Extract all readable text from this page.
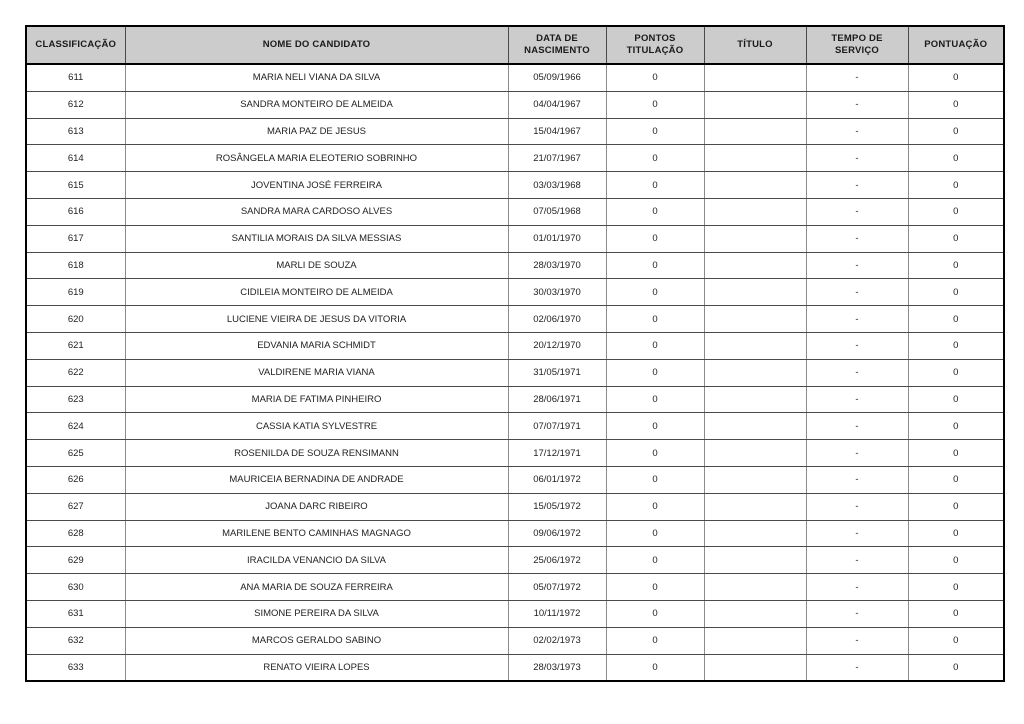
CLASSIFICAÇÃO	NOME DO CANDIDATO	DATA DE NASCIMENTO	PONTOS TITULAÇÃO	TÍTULO	TEMPO DE SERVIÇO	PONTUAÇÃO
611	MARIA NELI VIANA DA SILVA	05/09/1966	0		-	0
612	SANDRA MONTEIRO DE ALMEIDA	04/04/1967	0		-	0
613	MARIA PAZ DE JESUS	15/04/1967	0		-	0
614	ROSÂNGELA MARIA ELEOTERIO SOBRINHO	21/07/1967	0		-	0
615	JOVENTINA JOSÉ FERREIRA	03/03/1968	0		-	0
616	SANDRA MARA CARDOSO ALVES	07/05/1968	0		-	0
617	SANTILIA MORAIS DA SILVA MESSIAS	01/01/1970	0		-	0
618	MARLI DE SOUZA	28/03/1970	0		-	0
619	CIDILEIA MONTEIRO DE ALMEIDA	30/03/1970	0		-	0
620	LUCIENE VIEIRA DE JESUS DA VITORIA	02/06/1970	0		-	0
621	EDVANIA MARIA SCHMIDT	20/12/1970	0		-	0
622	VALDIRENE MARIA VIANA	31/05/1971	0		-	0
623	MARIA DE FATIMA PINHEIRO	28/06/1971	0		-	0
624	CASSIA KATIA SYLVESTRE	07/07/1971	0		-	0
625	ROSENILDA DE SOUZA RENSIMANN	17/12/1971	0		-	0
626	MAURICEIA BERNADINA DE ANDRADE	06/01/1972	0		-	0
627	JOANA DARC RIBEIRO	15/05/1972	0		-	0
628	MARILENE BENTO CAMINHAS MAGNAGO	09/06/1972	0		-	0
629	IRACILDA VENANCIO DA SILVA	25/06/1972	0		-	0
630	ANA MARIA DE SOUZA FERREIRA	05/07/1972	0		-	0
631	SIMONE PEREIRA DA SILVA	10/11/1972	0		-	0
632	MARCOS GERALDO SABINO	02/02/1973	0		-	0
633	RENATO VIEIRA LOPES	28/03/1973	0		-	0
